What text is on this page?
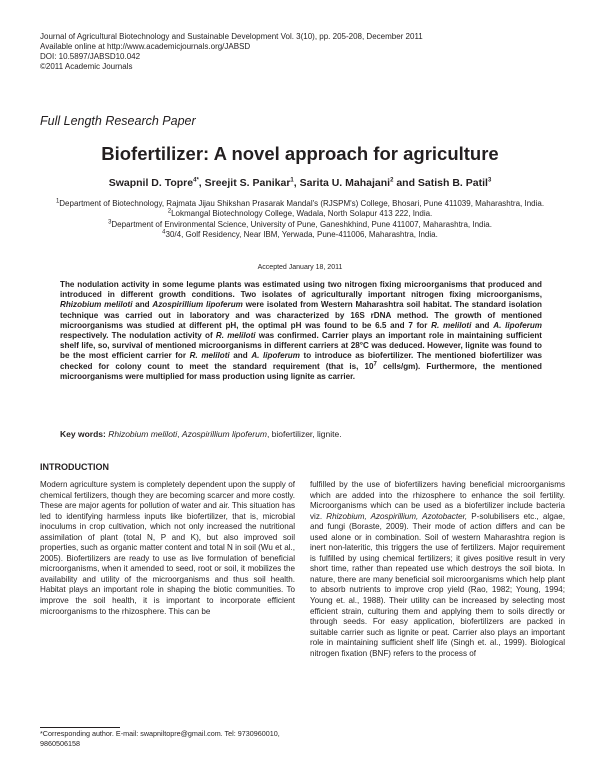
Journal of Agricultural Biotechnology and Sustainable Development Vol. 3(10), pp. 205-208, December 2011
Available online at http://www.academicjournals.org/JABSD
DOI: 10.5897/JABSD10.042
©2011 Academic Journals
Full Length Research Paper
Biofertilizer: A novel approach for agriculture
Swapnil D. Topre$^{4*}$, Sreejit S. Panikar$^1$, Sarita U. Mahajani$^2$ and Satish B. Patil$^3$
$^1$Department of Biotechnology, Rajmata Jijau Shikshan Prasarak Mandal's (RJSPM's) College, Bhosari, Pune 411039, Maharashtra, India.
$^2$Lokmangal Biotechnology College, Wadala, North Solapur 413 222, India.
$^3$Department of Environmental Science, University of Pune, Ganeshkhind, Pune 411007, Maharashtra, India.
$^4$30/4, Golf Residency, Near IBM, Yerwada, Pune-411006, Maharashtra, India.
Accepted January 18, 2011
The nodulation activity in some legume plants was estimated using two nitrogen fixing microorganisms that produced and introduced in different growth conditions. Two isolates of agriculturally important nitrogen fixing microorganisms, Rhizobium meliloti and Azospirillium lipoferum were isolated from Western Maharashtra soil habitat. The standard isolation technique was carried out in laboratory and was characterized by 16S rDNA method. The growth of mentioned microorganisms was studied at different pH, the optimal pH was found to be 6.5 and 7 for R. meliloti and A. lipoferum respectively. The nodulation activity of R. meliloti was confirmed. Carrier plays an important role in maintaining sufficient shelf life, so, survival of mentioned microorganisms in different carriers at 28°C was deduced. However, lignite was found to be the most efficient carrier for R. meliloti and A. lipoferum to introduce as biofertilizer. The mentioned biofertilizer was checked for colony count to meet the standard requirement (that is, $10^7$ cells/gm). Furthermore, the mentioned microorganisms were multiplied for mass production using lignite as carrier.
Key words: Rhizobium meliloti, Azospirillium lipoferum, biofertilizer, lignite.
INTRODUCTION
Modern agriculture system is completely dependent upon the supply of chemical fertilizers, though they are becoming scarcer and more costly. These are major agents for pollution of water and air. This situation has led to identifying harmless inputs like biofertilizer, that is, microbial inoculums in crop cultivation, which not only increased the nutritional assimilation of plant (total N, P and K), but also improved soil properties, such as organic matter content and total N in soil (Wu et al., 2005). Biofertilizers are ready to use as live formulation of beneficial microorganisms, when it amended to seed, root or soil, it mobilizes the availability and utility of the microorganisms and thus soil health. Habitat plays an important role in shaping the biotic communities. To improve the soil health, it is important to incorporate efficient microorganisms to the rhizosphere. This can be
fulfilled by the use of biofertilizers having beneficial microorganisms which are added into the rhizosphere to enhance the soil fertility. Microorganisms which can be used as a biofertilizer include bacteria viz. Rhizobium, Azospirillium, Azotobacter, P-solubilisers etc., algae, and fungi (Boraste, 2009). Their mode of action differs and can be used alone or in combination. Soil of western Maharashtra region is inert non-lateritic, this triggers the use of fertilizers. Major requirement is fulfilled by using chemical fertilizers; it gives positive result in very short time, rather than repeated use which destroys the soil biota. In nature, there are many beneficial soil microorganisms which help plant to absorb nutrients to improve crop yield (Rao, 1982; Young, 1994; Young et. al., 1988). Their utility can be increased by selecting most efficient strain, culturing them and applying them to soils directly or through seeds. For easy application, biofertilizers are packed in suitable carrier such as lignite or peat. Carrier also plays an important role in maintaining sufficient shelf life (Singh et. al., 1999). Biological nitrogen fixation (BNF) refers to the process of
*Corresponding author. E-mail: swapniltopre@gmail.com. Tel: 9730960010, 9860506158
